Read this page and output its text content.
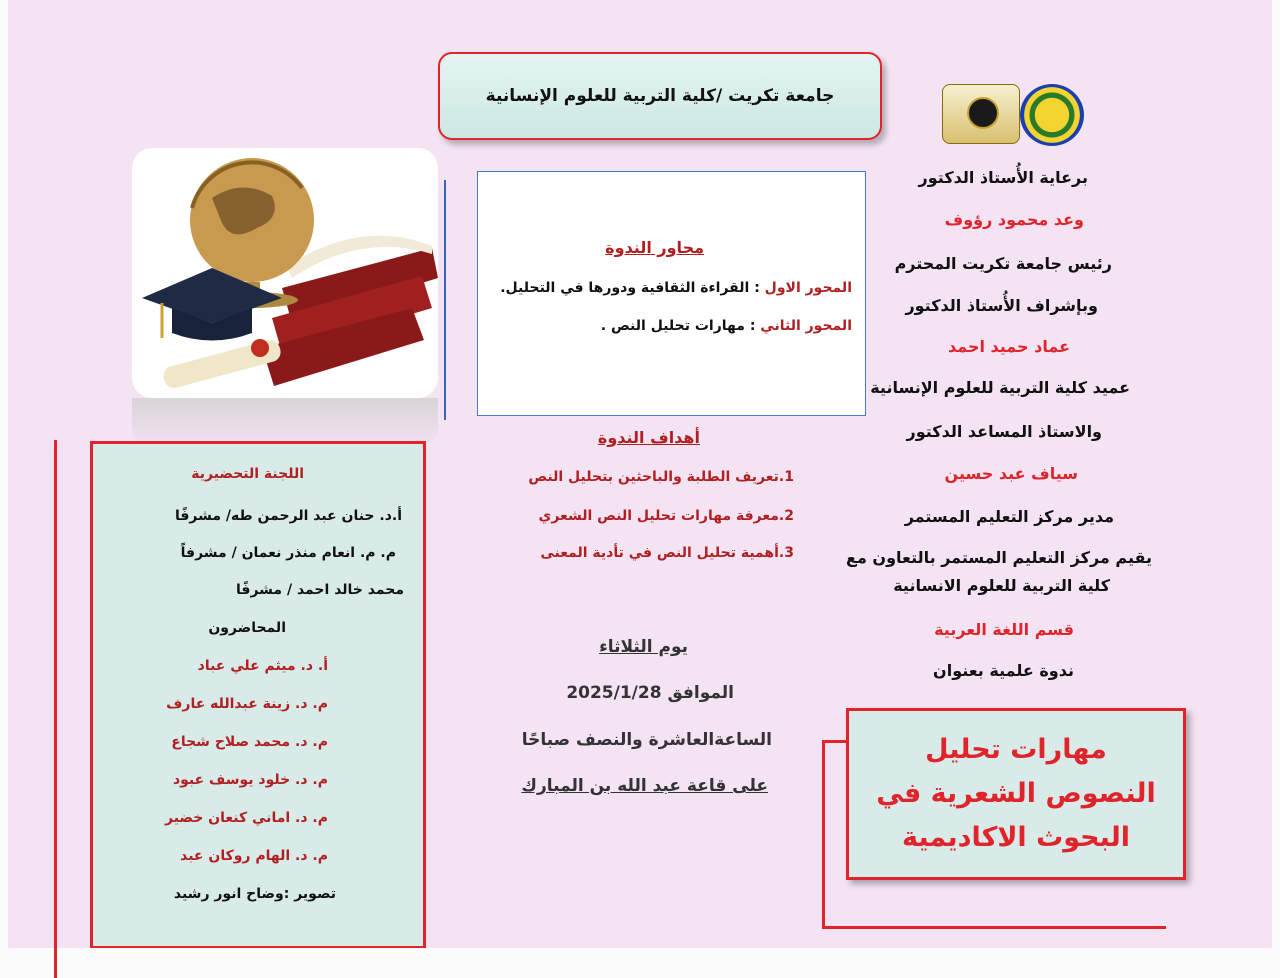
جامعة تكريت /كلية التربية للعلوم الإنسانية
محاور الندوة
المحور الاول : القراءة الثقافية ودورها في التحليل.
المحور الثاني : مهارات تحليل النص .
أهداف الندوة
1.تعريف الطلبة والباحثين بتحليل النص
2.معرفة مهارات تحليل النص الشعري
3.أهمية تحليل النص في تأدية المعنى
يوم الثلاثاء
الموافق 2025/1/28
الساعةالعاشرة والنصف صباحًا
على قاعة عبد الله بن المبارك
برعاية الأُستاذ الدكتور
وعد محمود رؤوف
رئيس جامعة تكريت المحترم
وبإشراف الأُستاذ الدكتور
عماد حميد احمد
عميد كلية التربية للعلوم الإنسانية
والاستاذ المساعد الدكتور
سياف عبد حسين
مدير مركز التعليم المستمر
يقيم مركز التعليم المستمر بالتعاون مع
كلية التربية للعلوم الانسانية
قسم اللغة العربية
ندوة علمية بعنوان
مهارات تحليل النصوص الشعرية في البحوث الاكاديمية
اللجنة التحضيرية
أ.د. حنان عبد الرحمن طه/ مشرفًا
م. م. انعام منذر نعمان / مشرفاً
محمد خالد احمد / مشرفًا
المحاضرون
أ. د. ميثم علي عباد
م. د. زينة عبدالله عارف
م. د. محمد صلاح شجاع
م. د. خلود يوسف عبود
م. د. اماني كنعان خضير
م. د. الهام روكان عبد
تصوير :وضاح انور رشيد
